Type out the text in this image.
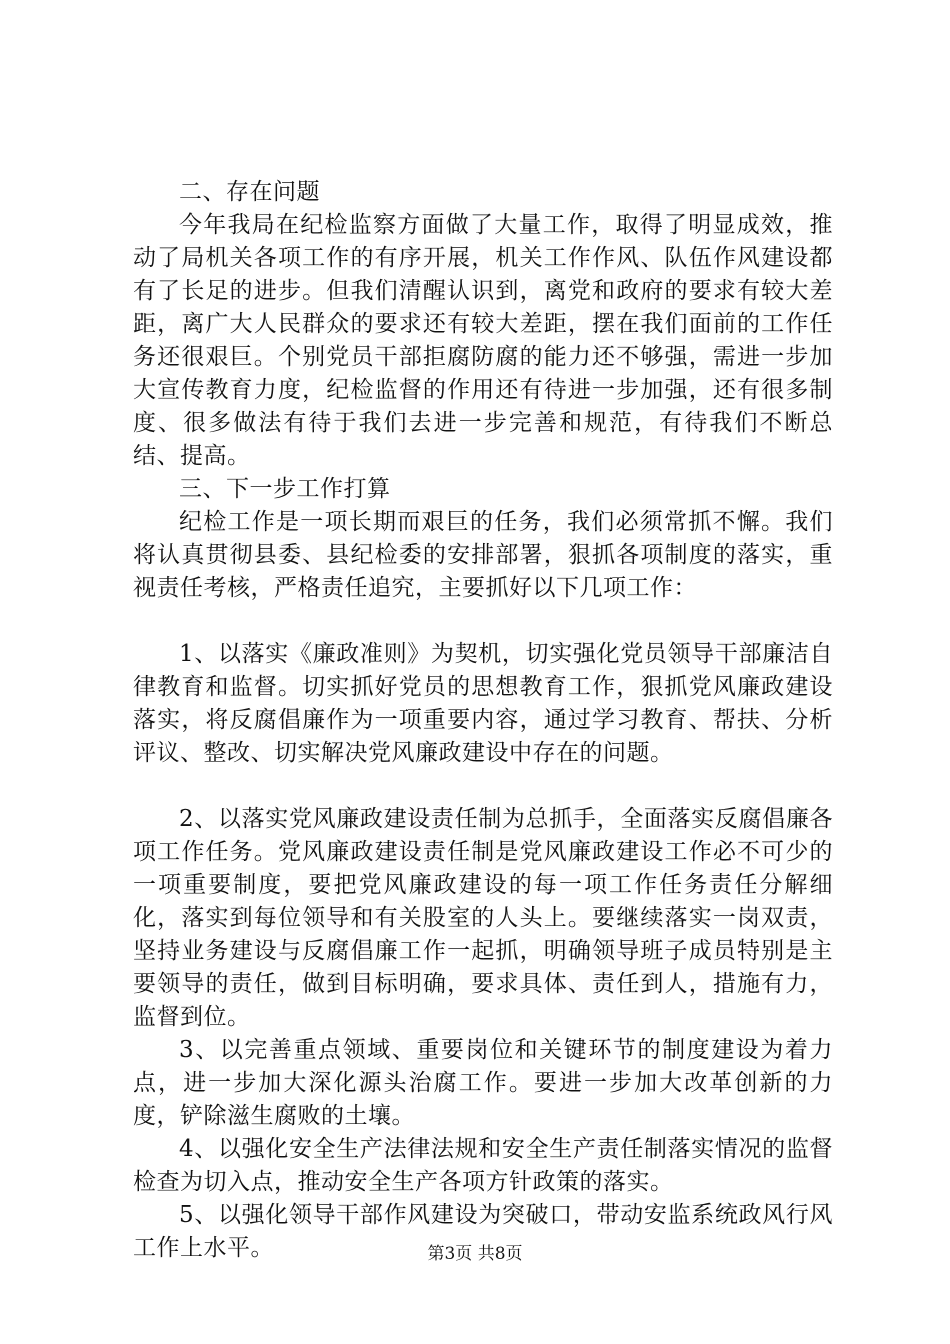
二、存在问题

今年我局在纪检监察方面做了大量工作，取得了明显成效，推动了局机关各项工作的有序开展，机关工作作风、队伍作风建设都有了长足的进步。但我们清醒认识到，离党和政府的要求有较大差距，离广大人民群众的要求还有较大差距，摆在我们面前的工作任务还很艰巨。个别党员干部拒腐防腐的能力还不够强，需进一步加大宣传教育力度，纪检监督的作用还有待进一步加强，还有很多制度、很多做法有待于我们去进一步完善和规范，有待我们不断总结、提高。

三、下一步工作打算

纪检工作是一项长期而艰巨的任务，我们必须常抓不懈。我们将认真贯彻县委、县纪检委的安排部署，狠抓各项制度的落实，重视责任考核，严格责任追究，主要抓好以下几项工作：

1、以落实《廉政准则》为契机，切实强化党员领导干部廉洁自律教育和监督。切实抓好党员的思想教育工作，狠抓党风廉政建设落实，将反腐倡廉作为一项重要内容，通过学习教育、帮扶、分析评议、整改、切实解决党风廉政建设中存在的问题。

2、以落实党风廉政建设责任制为总抓手，全面落实反腐倡廉各项工作任务。党风廉政建设责任制是党风廉政建设工作必不可少的一项重要制度，要把党风廉政建设的每一项工作任务责任分解细化，落实到每位领导和有关股室的人头上。要继续落实一岗双责，坚持业务建设与反腐倡廉工作一起抓，明确领导班子成员特别是主要领导的责任，做到目标明确，要求具体、责任到人，措施有力，监督到位。

3、以完善重点领域、重要岗位和关键环节的制度建设为着力点，进一步加大深化源头治腐工作。要进一步加大改革创新的力度，铲除滋生腐败的土壤。

4、以强化安全生产法律法规和安全生产责任制落实情况的监督检查为切入点，推动安全生产各项方针政策的落实。

5、以强化领导干部作风建设为突破口，带动安监系统政风行风工作上水平。	第3页 共8页
